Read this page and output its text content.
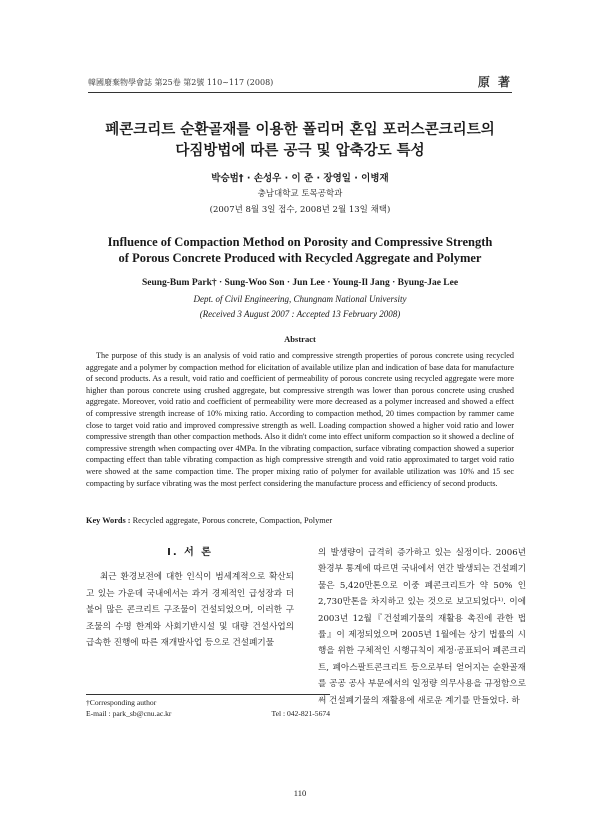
韓國廢棄物學會誌 第25卷 第2號 110~117 (2008)	原 著
페콘크리트 순환골재를 이용한 폴리머 혼입 포러스콘크리트의
다짐방법에 따른 공극 및 압축강도 특성
박승범† · 손성우 · 이 준 · 장영일 · 이병재
충남대학교 토목공학과
(2007년 8월 3일 접수, 2008년 2월 13일 채택)
Influence of Compaction Method on Porosity and Compressive Strength
of Porous Concrete Produced with Recycled Aggregate and Polymer
Seung-Bum Park† · Sung-Woo Son · Jun Lee · Young-Il Jang · Byung-Jae Lee
Dept. of Civil Engineering, Chungnam National University
(Received 3 August 2007 : Accepted 13 February 2008)
Abstract
The purpose of this study is an analysis of void ratio and compressive strength properties of porous concrete using recycled aggregate and a polymer by compaction method for elicitation of available utilize plan and indication of base data for manufacture of second products. As a result, void ratio and coefficient of permeability of porous concrete using recycled aggregate were more higher than porous concrete using crushed aggregate, but compressive strength was lower than porous concrete using crushed aggregate. Moreover, void ratio and coefficient of permeability were more decreased as a polymer increased and showed a effect of compressive strength increase of 10% mixing ratio. According to compaction method, 20 times compaction by rammer came close to target void ratio and improved compressive strength as well. Loading compaction showed a higher void ratio and lower compressive strength than other compaction methods. Also it didn't come into effect uniform compaction so it showed a decline of compressive strength when compacting over 4MPa. In the vibrating compaction, surface vibrating compaction showed a superior compacting effect than table vibrating compaction as high compressive strength and void ratio approximated to target void ratio were showed at the same compaction time. The proper mixing ratio of polymer for available utilization was 10% and 15 sec compacting by surface vibrating was the most perfect considering the manufacture process and efficiency of second products.
Key Words : Recycled aggregate, Porous concrete, Compaction, Polymer
I. 서 론

최근 환경보전에 대한 인식이 범세계적으로 확산되고 있는 가운데 국내에서는 과거 경제적인 급성장과 더불어 많은 콘크리트 구조물이 건설되었으며, 이러한 구조물의 수명 한계와 사회기반시설 및 대량 건설사업의 급속한 진행에 따른 재개발사업 등으로 건설폐기물

의 발생량이 급격히 증가하고 있는 실정이다. 2006년 환경부 통계에 따르면 국내에서 연간 발생되는 건설폐기물은 5,420만톤으로 이중 폐콘크리트가 약 50% 인 2,730만톤을 차지하고 있는 것으로 보고되었다¹⁾. 이에 2003년 12월『건설폐기물의 재활용 촉진에 관한 법률』이 제정되었으며 2005년 1월에는 상기 법률의 시행을 위한 구체적인 시행규칙이 제정·공표되어 폐콘크리트, 폐아스팔트콘크리트 등으로부터 얻어지는 순환골재를 공공 공사 부문에서의 일정량 의무사용을 규정함으로써 건설폐기물의 재활용에 새로운 계기를 만들었다. 하

†Corresponding author
E-mail : park_sb@cnu.ac.kr	Tel : 042-821-5674
110
